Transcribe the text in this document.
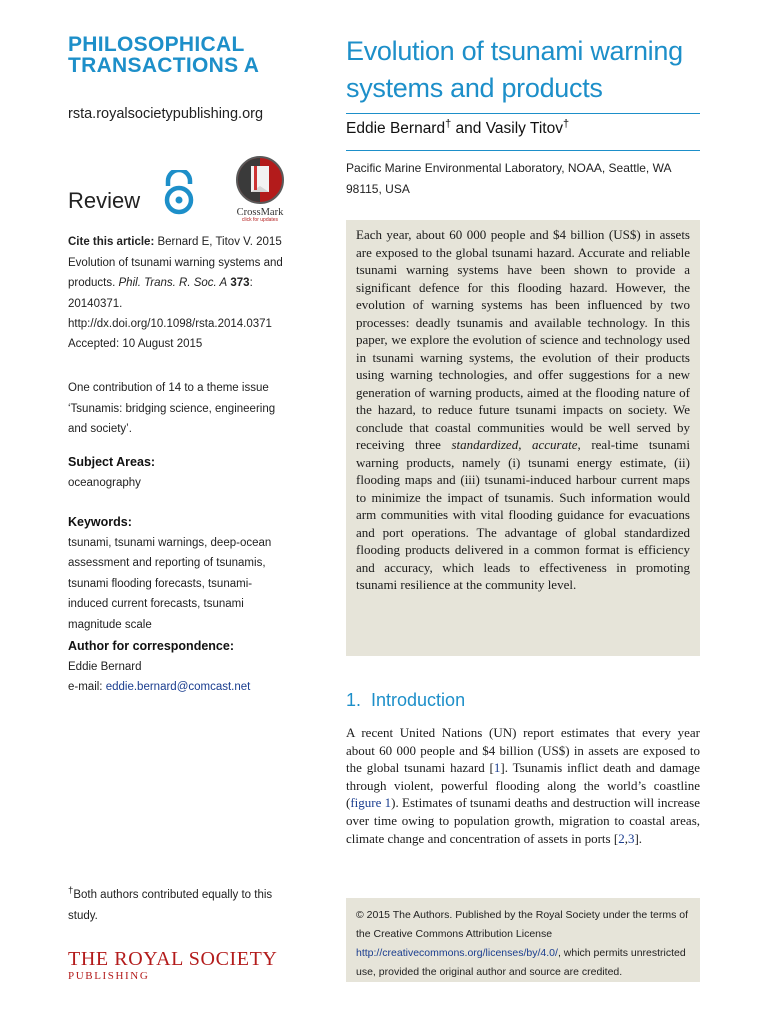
PHILOSOPHICAL
TRANSACTIONS A
rsta.royalsocietypublishing.org
Review	CrossMark
click for updates
Cite this article: Bernard E, Titov V. 2015 Evolution of tsunami warning systems and products. Phil. Trans. R. Soc. A 373: 20140371. http://dx.doi.org/10.1098/rsta.2014.0371
Accepted: 10 August 2015
One contribution of 14 to a theme issue ‘Tsunamis: bridging science, engineering and society’.
Subject Areas:
oceanography
Keywords:
tsunami, tsunami warnings, deep-ocean assessment and reporting of tsunamis, tsunami flooding forecasts, tsunami-induced current forecasts, tsunami magnitude scale
Author for correspondence:
Eddie Bernard
e-mail: eddie.bernard@comcast.net
†Both authors contributed equally to this study.
THE ROYAL SOCIETY
PUBLISHING
Evolution of tsunami warning systems and products
Eddie Bernard† and Vasily Titov†
Pacific Marine Environmental Laboratory, NOAA, Seattle, WA 98115, USA

Each year, about 60 000 people and $4 billion (US$) in assets are exposed to the global tsunami hazard. Accurate and reliable tsunami warning systems have been shown to provide a significant defence for this flooding hazard. However, the evolution of warning systems has been influenced by two processes: deadly tsunamis and available technology. In this paper, we explore the evolution of science and technology used in tsunami warning systems, the evolution of their products using warning technologies, and offer suggestions for a new generation of warning products, aimed at the flooding nature of the hazard, to reduce future tsunami impacts on society. We conclude that coastal communities would be well served by receiving three standardized, accurate, real-time tsunami warning products, namely (i) tsunami energy estimate, (ii) flooding maps and (iii) tsunami-induced harbour current maps to minimize the impact of tsunamis. Such information would arm communities with vital flooding guidance for evacuations and port operations. The advantage of global standardized flooding products delivered in a common format is efficiency and accuracy, which leads to effectiveness in promoting tsunami resilience at the community level.

1. Introduction
A recent United Nations (UN) report estimates that every year about 60 000 people and $4 billion (US$) in assets are exposed to the global tsunami hazard [1]. Tsunamis inflict death and damage through violent, powerful flooding along the world’s coastline (figure 1). Estimates of tsunami deaths and destruction will increase over time owing to population growth, migration to coastal areas, climate change and concentration of assets in ports [2,3].
© 2015 The Authors. Published by the Royal Society under the terms of the Creative Commons Attribution License http://creativecommons.org/licenses/by/4.0/, which permits unrestricted use, provided the original author and source are credited.
